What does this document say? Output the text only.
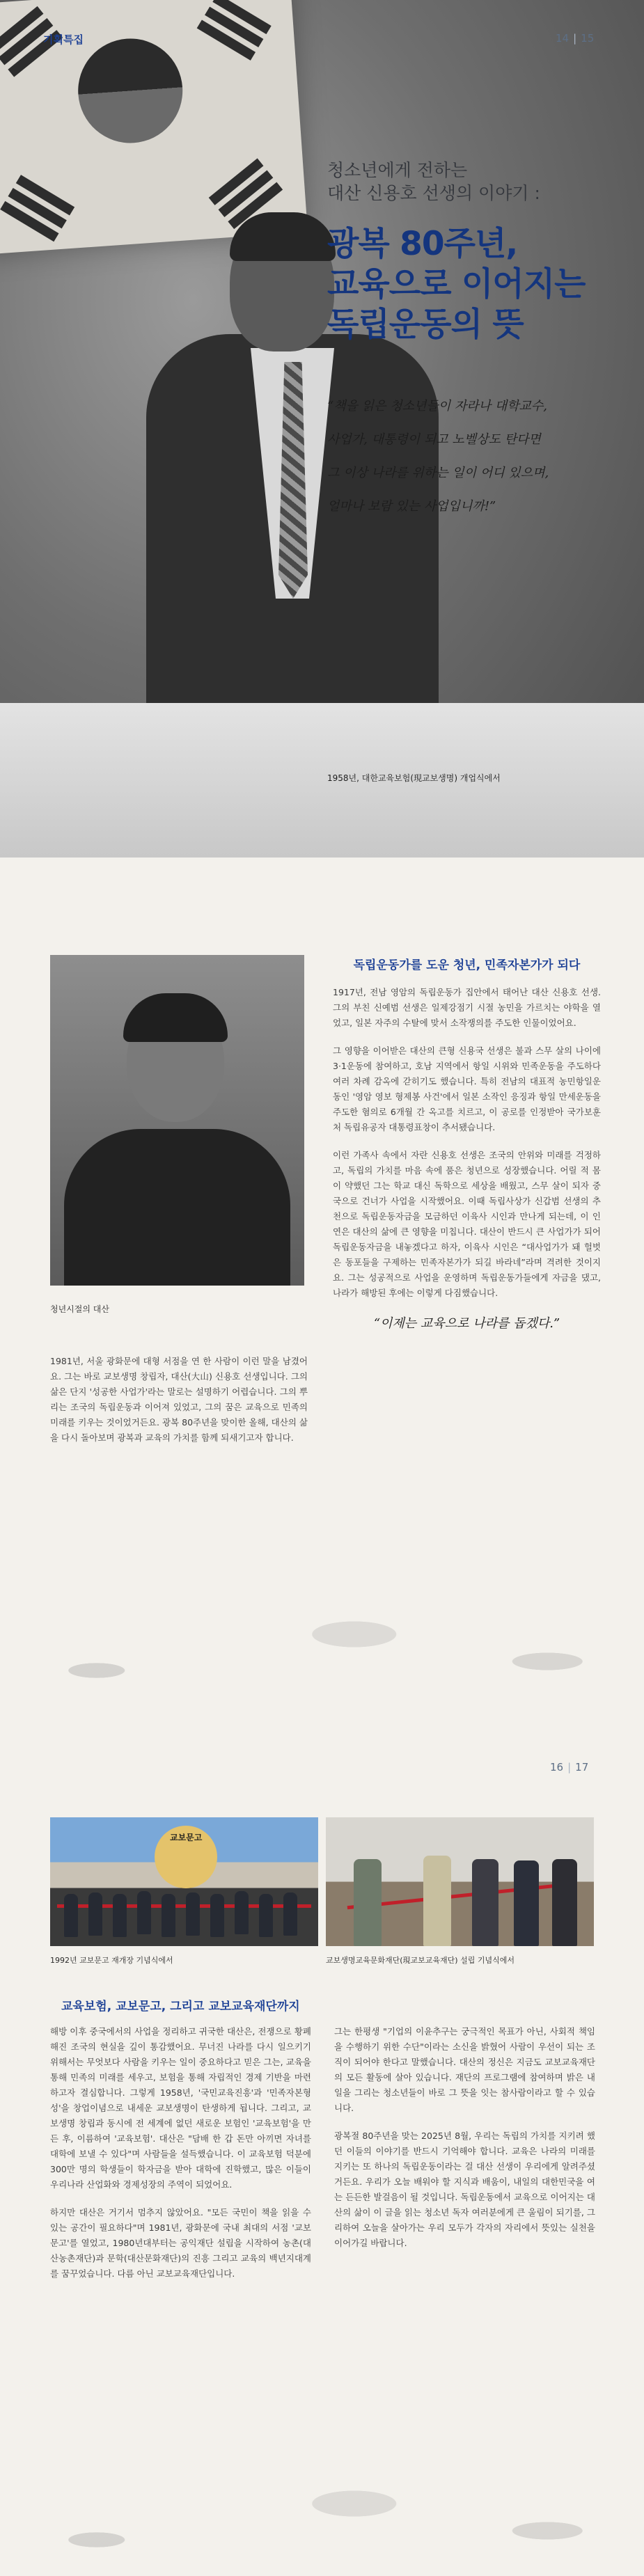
기획특집	14 | 15
청소년에게 전하는
대산 신용호 선생의 이야기 :
광복 80주년,
교육으로 이어지는
독립운동의 뜻
“책을 읽은 청소년들이 자라나 대학교수,
사업가, 대통령이 되고 노벨상도 탄다면
그 이상 나라를 위하는 일이 어디 있으며,
얼마나 보람 있는 사업입니까!”
1958년, 대한교육보험(現교보생명) 개업식에서
청년시절의 대산
독립운동가를 도운 청년, 민족자본가가 되다

1917년, 전남 영암의 독립운동가 집안에서 태어난 대산 신용호 선생. 그의 부친 신예범 선생은 일제강점기 시절 농민을 가르치는 야학을 열었고, 일본 자주의 수탈에 맞서 소작쟁의를 주도한 인물이었어요.

그 영향을 이어받은 대산의 큰형 신용국 선생은 불과 스무 살의 나이에 3·1운동에 참여하고, 호남 지역에서 항일 시위와 민족운동을 주도하다 여러 차례 감옥에 갇히기도 했습니다. 특히 전남의 대표적 농민항일운동인 '영암 영보 형제봉 사건'에서 일본 소작인 응징과 항일 만세운동을 주도한 혐의로 6개월 간 옥고를 치르고, 이 공로를 인정받아 국가보훈처 독립유공자 대통령표창이 추서됐습니다.

이런 가족사 속에서 자란 신용호 선생은 조국의 안위와 미래를 걱정하고, 독립의 가치를 마음 속에 품은 청년으로 성장했습니다. 어릴 적 몸이 약했던 그는 학교 대신 독학으로 세상을 배웠고, 스무 살이 되자 중국으로 건너가 사업을 시작했어요. 이때 독립사상가 신갑범 선생의 추천으로 독립운동자금을 모금하던 이육사 시인과 만나게 되는데, 이 인연은 대산의 삶에 큰 영향을 미칩니다. 대산이 반드시 큰 사업가가 되어 독립운동자금을 내놓겠다고 하자, 이육사 시인은 “대사업가가 돼 헐벗은 동포들을 구제하는 민족자본가가 되길 바라네”라며 격려한 것이지요. 그는 성공적으로 사업을 운영하며 독립운동가들에게 자금을 댔고, 나라가 해방된 후에는 이렇게 다짐했습니다.

“이제는 교육으로 나라를 돕겠다.”

1981년, 서울 광화문에 대형 서점을 연 한 사람이 이런 말을 남겼어요. 그는 바로 교보생명 창립자, 대산(大山) 신용호 선생입니다. 그의 삶은 단지 '성공한 사업가'라는 말로는 설명하기 어렵습니다. 그의 뿌리는 조국의 독립운동과 이어져 있었고, 그의 꿈은 교육으로 민족의 미래를 키우는 것이었거든요. 광복 80주년을 맞이한 올해, 대산의 삶을 다시 돌아보며 광복과 교육의 가치를 함께 되새기고자 합니다.

16 | 17
교보문고
1992년 교보문고 재개장 기념식에서	교보생명교육문화재단(現교보교육재단) 설립 기념식에서
교육보험, 교보문고, 그리고 교보교육재단까지

해방 이후 중국에서의 사업을 정리하고 귀국한 대산은, 전쟁으로 황폐해진 조국의 현실을 깊이 통감했어요. 무너진 나라를 다시 일으키기 위해서는 무엇보다 사람을 키우는 일이 중요하다고 믿은 그는, 교육을 통해 민족의 미래를 세우고, 보험을 통해 자립적인 경제 기반을 마련하고자 결심합니다. 그렇게 1958년, '국민교육진흥'과 '민족자본형성'을 창업이념으로 내세운 교보생명이 탄생하게 됩니다. 그리고, 교보생명 창립과 동시에 전 세계에 없던 새로운 보험인 '교육보험'을 만든 후, 이름하여 '교육보험'. 대산은 "담배 한 갑 돈만 아끼면 자녀를 대학에 보낼 수 있다"며 사람들을 설득했습니다. 이 교육보험 덕분에 300만 명의 학생들이 학자금을 받아 대학에 진학했고, 많은 이들이 우리나라 산업화와 경제성장의 주역이 되었어요.

하지만 대산은 거기서 멈추지 않았어요. "모든 국민이 책을 읽을 수 있는 공간이 필요하다"며 1981년, 광화문에 국내 최대의 서점 '교보문고'를 열었고, 1980년대부터는 공익재단 설립을 시작하여 농촌(대산농촌재단)과 문학(대산문화재단)의 진흥 그리고 교육의 백년지대계를 꿈꾸었습니다. 다름 아닌 교보교육재단입니다.

그는 한평생 "기업의 이윤추구는 궁극적인 목표가 아닌, 사회적 책임을 수행하기 위한 수단"이라는 소신을 밝혔어 사람이 우선이 되는 조직이 되어야 한다고 말했습니다. 대산의 정신은 지금도 교보교육재단의 모든 활동에 살아 있습니다. 재단의 프로그램에 참여하며 밝은 내일을 그리는 청소년들이 바로 그 뜻을 잇는 참사람이라고 할 수 있습니다.

광복절 80주년을 맞는 2025년 8월, 우리는 독립의 가치를 지키려 했던 이들의 이야기를 반드시 기억해야 합니다. 교육은 나라의 미래를 지키는 또 하나의 독립운동이라는 걸 대산 선생이 우리에게 알려주셨거든요. 우리가 오늘 배워야 할 지식과 배움이, 내일의 대한민국을 여는 든든한 발걸음이 될 것입니다. 독립운동에서 교육으로 이어지는 대산의 삶이 이 글을 읽는 청소년 독자 여러분에게 큰 울림이 되기를, 그리하여 오늘을 살아가는 우리 모두가 각자의 자리에서 뜻있는 실천을 이어가길 바랍니다.
